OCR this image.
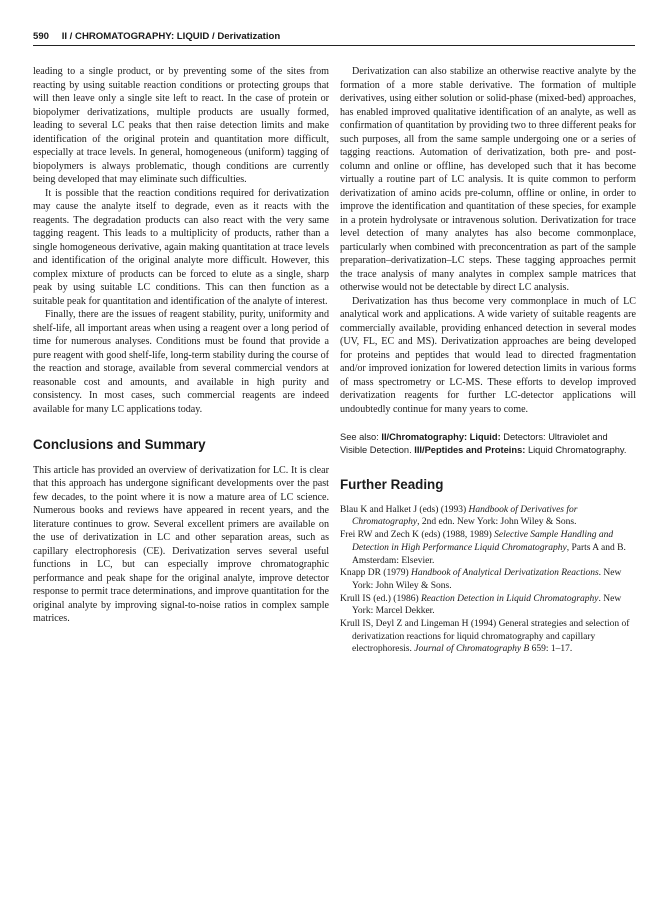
590 II / CHROMATOGRAPHY: LIQUID / Derivatization

leading to a single product, or by preventing some of the sites from reacting by using suitable reaction conditions or protecting groups that will then leave only a single site left to react. In the case of protein or biopolymer derivatizations, multiple products are usually formed, leading to several LC peaks that then raise detection limits and make identification of the original protein and quantitation more difficult, especially at trace levels. In general, homogeneous (uniform) tagging of biopolymers is always problematic, though conditions are currently being developed that may eliminate such difficulties.

It is possible that the reaction conditions required for derivatization may cause the analyte itself to degrade, even as it reacts with the reagents. The degradation products can also react with the very same tagging reagent. This leads to a multiplicity of products, rather than a single homogeneous derivative, again making quantitation at trace levels and identification of the original analyte more difficult. However, this complex mixture of products can be forced to elute as a single, sharp peak by using suitable LC conditions. This can then function as a suitable peak for quantitation and identification of the analyte of interest.

Finally, there are the issues of reagent stability, purity, uniformity and shelf-life, all important areas when using a reagent over a long period of time for numerous analyses. Conditions must be found that provide a pure reagent with good shelf-life, long-term stability during the course of the reaction and storage, available from several commercial vendors at reasonable cost and amounts, and available in high purity and consistency. In most cases, such commercial reagents are indeed available for many LC applications today.

Conclusions and Summary

This article has provided an overview of derivatization for LC. It is clear that this approach has undergone significant developments over the past few decades, to the point where it is now a mature area of LC science. Numerous books and reviews have appeared in recent years, and the literature continues to grow. Several excellent primers are available on the use of derivatization in LC and other separation areas, such as capillary electrophoresis (CE). Derivatization serves several useful functions in LC, but can especially improve chromatographic performance and peak shape for the original analyte, improve detector response to permit trace determinations, and improve quantitation for the original analyte by improving signal-to-noise ratios in complex sample matrices.

Derivatization can also stabilize an otherwise reactive analyte by the formation of a more stable derivative. The formation of multiple derivatives, using either solution or solid-phase (mixed-bed) approaches, has enabled improved qualitative identification of an analyte, as well as confirmation of quantitation by providing two to three different peaks for such purposes, all from the same sample undergoing one or a series of tagging reactions. Automation of derivatization, both pre- and post-column and online or offline, has developed such that it has become virtually a routine part of LC analysis. It is quite common to perform derivatization of amino acids pre-column, offline or online, in order to improve the identification and quantitation of these species, for example in a protein hydrolysate or intravenous solution. Derivatization for trace level detection of many analytes has also become commonplace, particularly when combined with preconcentration as part of the sample preparation–derivatization–LC steps. These tagging approaches permit the trace analysis of many analytes in complex sample matrices that otherwise would not be detectable by direct LC analysis.

Derivatization has thus become very commonplace in much of LC analytical work and applications. A wide variety of suitable reagents are commercially available, providing enhanced detection in several modes (UV, FL, EC and MS). Derivatization approaches are being developed for proteins and peptides that would lead to directed fragmentation and/or improved ionization for lowered detection limits in various forms of mass spectrometry or LC-MS. These efforts to develop improved derivatization reagents for further LC-detector applications will undoubtedly continue for many years to come.

See also: II/Chromatography: Liquid: Detectors: Ultraviolet and Visible Detection. III/Peptides and Proteins: Liquid Chromatography.
Further Reading
Blau K and Halket J (eds) (1993) Handbook of Derivatives for Chromatography, 2nd edn. New York: John Wiley & Sons.
Frei RW and Zech K (eds) (1988, 1989) Selective Sample Handling and Detection in High Performance Liquid Chromatography, Parts A and B. Amsterdam: Elsevier.
Knapp DR (1979) Handbook of Analytical Derivatization Reactions. New York: John Wiley & Sons.
Krull IS (ed.) (1986) Reaction Detection in Liquid Chromatography. New York: Marcel Dekker.
Krull IS, Deyl Z and Lingeman H (1994) General strategies and selection of derivatization reactions for liquid chromatography and capillary electrophoresis. Journal of Chromatography B 659: 1–17.
